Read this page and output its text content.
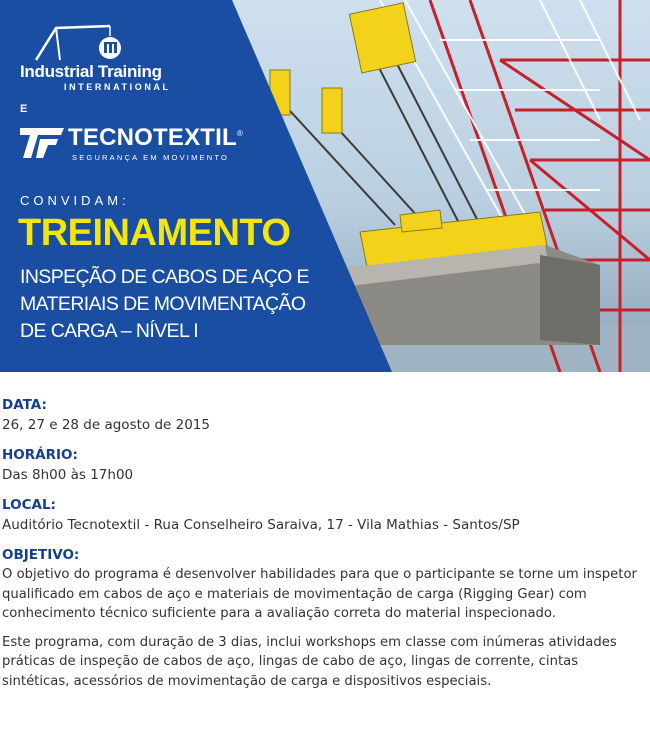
Industrial Training
INTERNATIONAL
E
TECNOTEXTIL®
SEGURANÇA EM MOVIMENTO
CONVIDAM:
TREINAMENTO
INSPEÇÃO DE CABOS DE AÇO E
MATERIAIS DE MOVIMENTAÇÃO
DE CARGA – NÍVEL I
DATA:
26, 27 e 28 de agosto de 2015
HORÁRIO:
Das 8h00 às 17h00
LOCAL:
Auditório Tecnotextil - Rua Conselheiro Saraiva, 17 - Vila Mathias - Santos/SP
OBJETIVO:

O objetivo do programa é desenvolver habilidades para que o participante se torne um inspetor qualificado em cabos de aço e materiais de movimentação de carga (Rigging Gear) com conhecimento técnico suficiente para a avaliação correta do material inspecionado.

Este programa, com duração de 3 dias, inclui workshops em classe com inúmeras atividades práticas de inspeção de cabos de aço, lingas de cabo de aço, lingas de corrente, cintas sintéticas, acessórios de movimentação de carga e dispositivos especiais.
